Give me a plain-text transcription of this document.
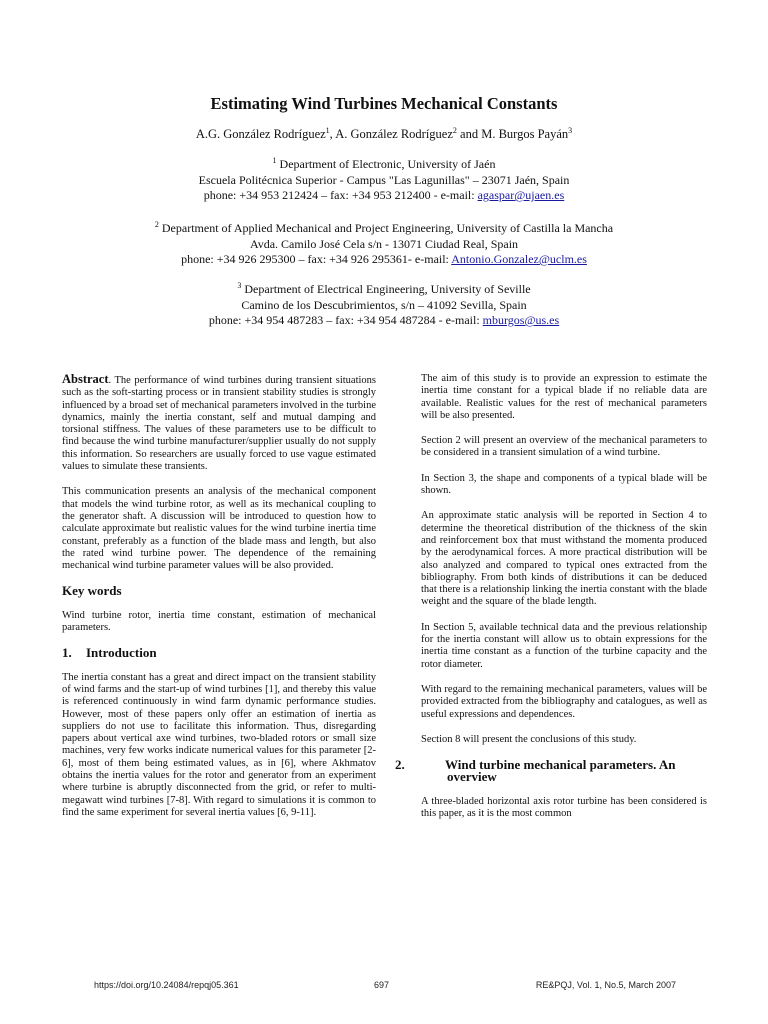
Estimating Wind Turbines Mechanical Constants
A.G. González Rodríguez$^1$, A. González Rodríguez$^2$ and M. Burgos Payán$^3$
$^1$ Department of Electronic, University of Jaén
Escuela Politécnica Superior - Campus "Las Lagunillas" – 23071 Jaén, Spain
phone: +34 953 212424 – fax: +34 953 212400 - e-mail: agaspar@ujaen.es
$^2$ Department of Applied Mechanical and Project Engineering, University of Castilla la Mancha
Avda. Camilo José Cela s/n - 13071 Ciudad Real, Spain
phone: +34 926 295300 – fax: +34 926 295361- e-mail: Antonio.Gonzalez@uclm.es
$^3$ Department of Electrical Engineering, University of Seville
Camino de los Descubrimientos, s/n – 41092 Sevilla, Spain
phone: +34 954 487283 – fax: +34 954 487284 - e-mail: mburgos@us.es

Abstract. The performance of wind turbines during transient situations such as the soft-starting process or in transient stability studies is strongly influenced by a broad set of mechanical parameters involved in the turbine dynamics, mainly the inertia constant, self and mutual damping and torsional stiffness. The values of these parameters use to be difficult to find because the wind turbine manufacturer/supplier usually do not supply this information. So researchers are usually forced to use vague estimated values to simulate these transients.

This communication presents an analysis of the mechanical component that models the wind turbine rotor, as well as its mechanical coupling to the generator shaft. A discussion will be introduced to question how to calculate approximate but realistic values for the wind turbine inertia time constant, preferably as a function of the blade mass and length, but also the rated wind turbine power. The dependence of the remaining mechanical wind turbine parameter values will be also provided.

Key words

Wind turbine rotor, inertia time constant, estimation of mechanical parameters.

1. Introduction

The inertia constant has a great and direct impact on the transient stability of wind farms and the start-up of wind turbines [1], and thereby this value is referenced continuously in wind farm dynamic performance studies. However, most of these papers only offer an estimation of inertia as suppliers do not use to facilitate this information. Thus, disregarding papers about vertical axe wind turbines, two-bladed rotors or small size machines, very few works indicate numerical values for this parameter [2-6], most of them being estimated values, as in [6], where Akhmatov obtains the inertia values for the rotor and generator from an experiment where turbine is abruptly disconnected from the grid, or refer to multi-megawatt wind turbines [7-8]. With regard to simulations it is common to find the same experiment for several inertia values [6, 9-11].

The aim of this study is to provide an expression to estimate the inertia time constant for a typical blade if no reliable data are available. Realistic values for the rest of mechanical parameters will be also presented.

Section 2 will present an overview of the mechanical parameters to be considered in a transient simulation of a wind turbine.

In Section 3, the shape and components of a typical blade will be shown.

An approximate static analysis will be reported in Section 4 to determine the theoretical distribution of the thickness of the skin and reinforcement box that must withstand the momenta produced by the aerodynamical forces. A more practical distribution will be also analyzed and compared to typical ones extracted from the bibliography. From both kinds of distributions it can be deduced that there is a relationship linking the inertia constant with the blade weight and the square of the blade length.

In Section 5, available technical data and the previous relationship for the inertia constant will allow us to obtain expressions for the inertia time constant as a function of the turbine capacity and the rotor diameter.

With regard to the remaining mechanical parameters, values will be provided extracted from the bibliography and catalogues, as well as useful expressions and dependences.

Section 8 will present the conclusions of this study.

2.	Wind turbine mechanical parameters. An overview

A three-bladed horizontal axis rotor turbine has been considered is this paper, as it is the most common

https://doi.org/10.24084/repqj05.361	697	RE&PQJ, Vol. 1, No.5, March 2007
